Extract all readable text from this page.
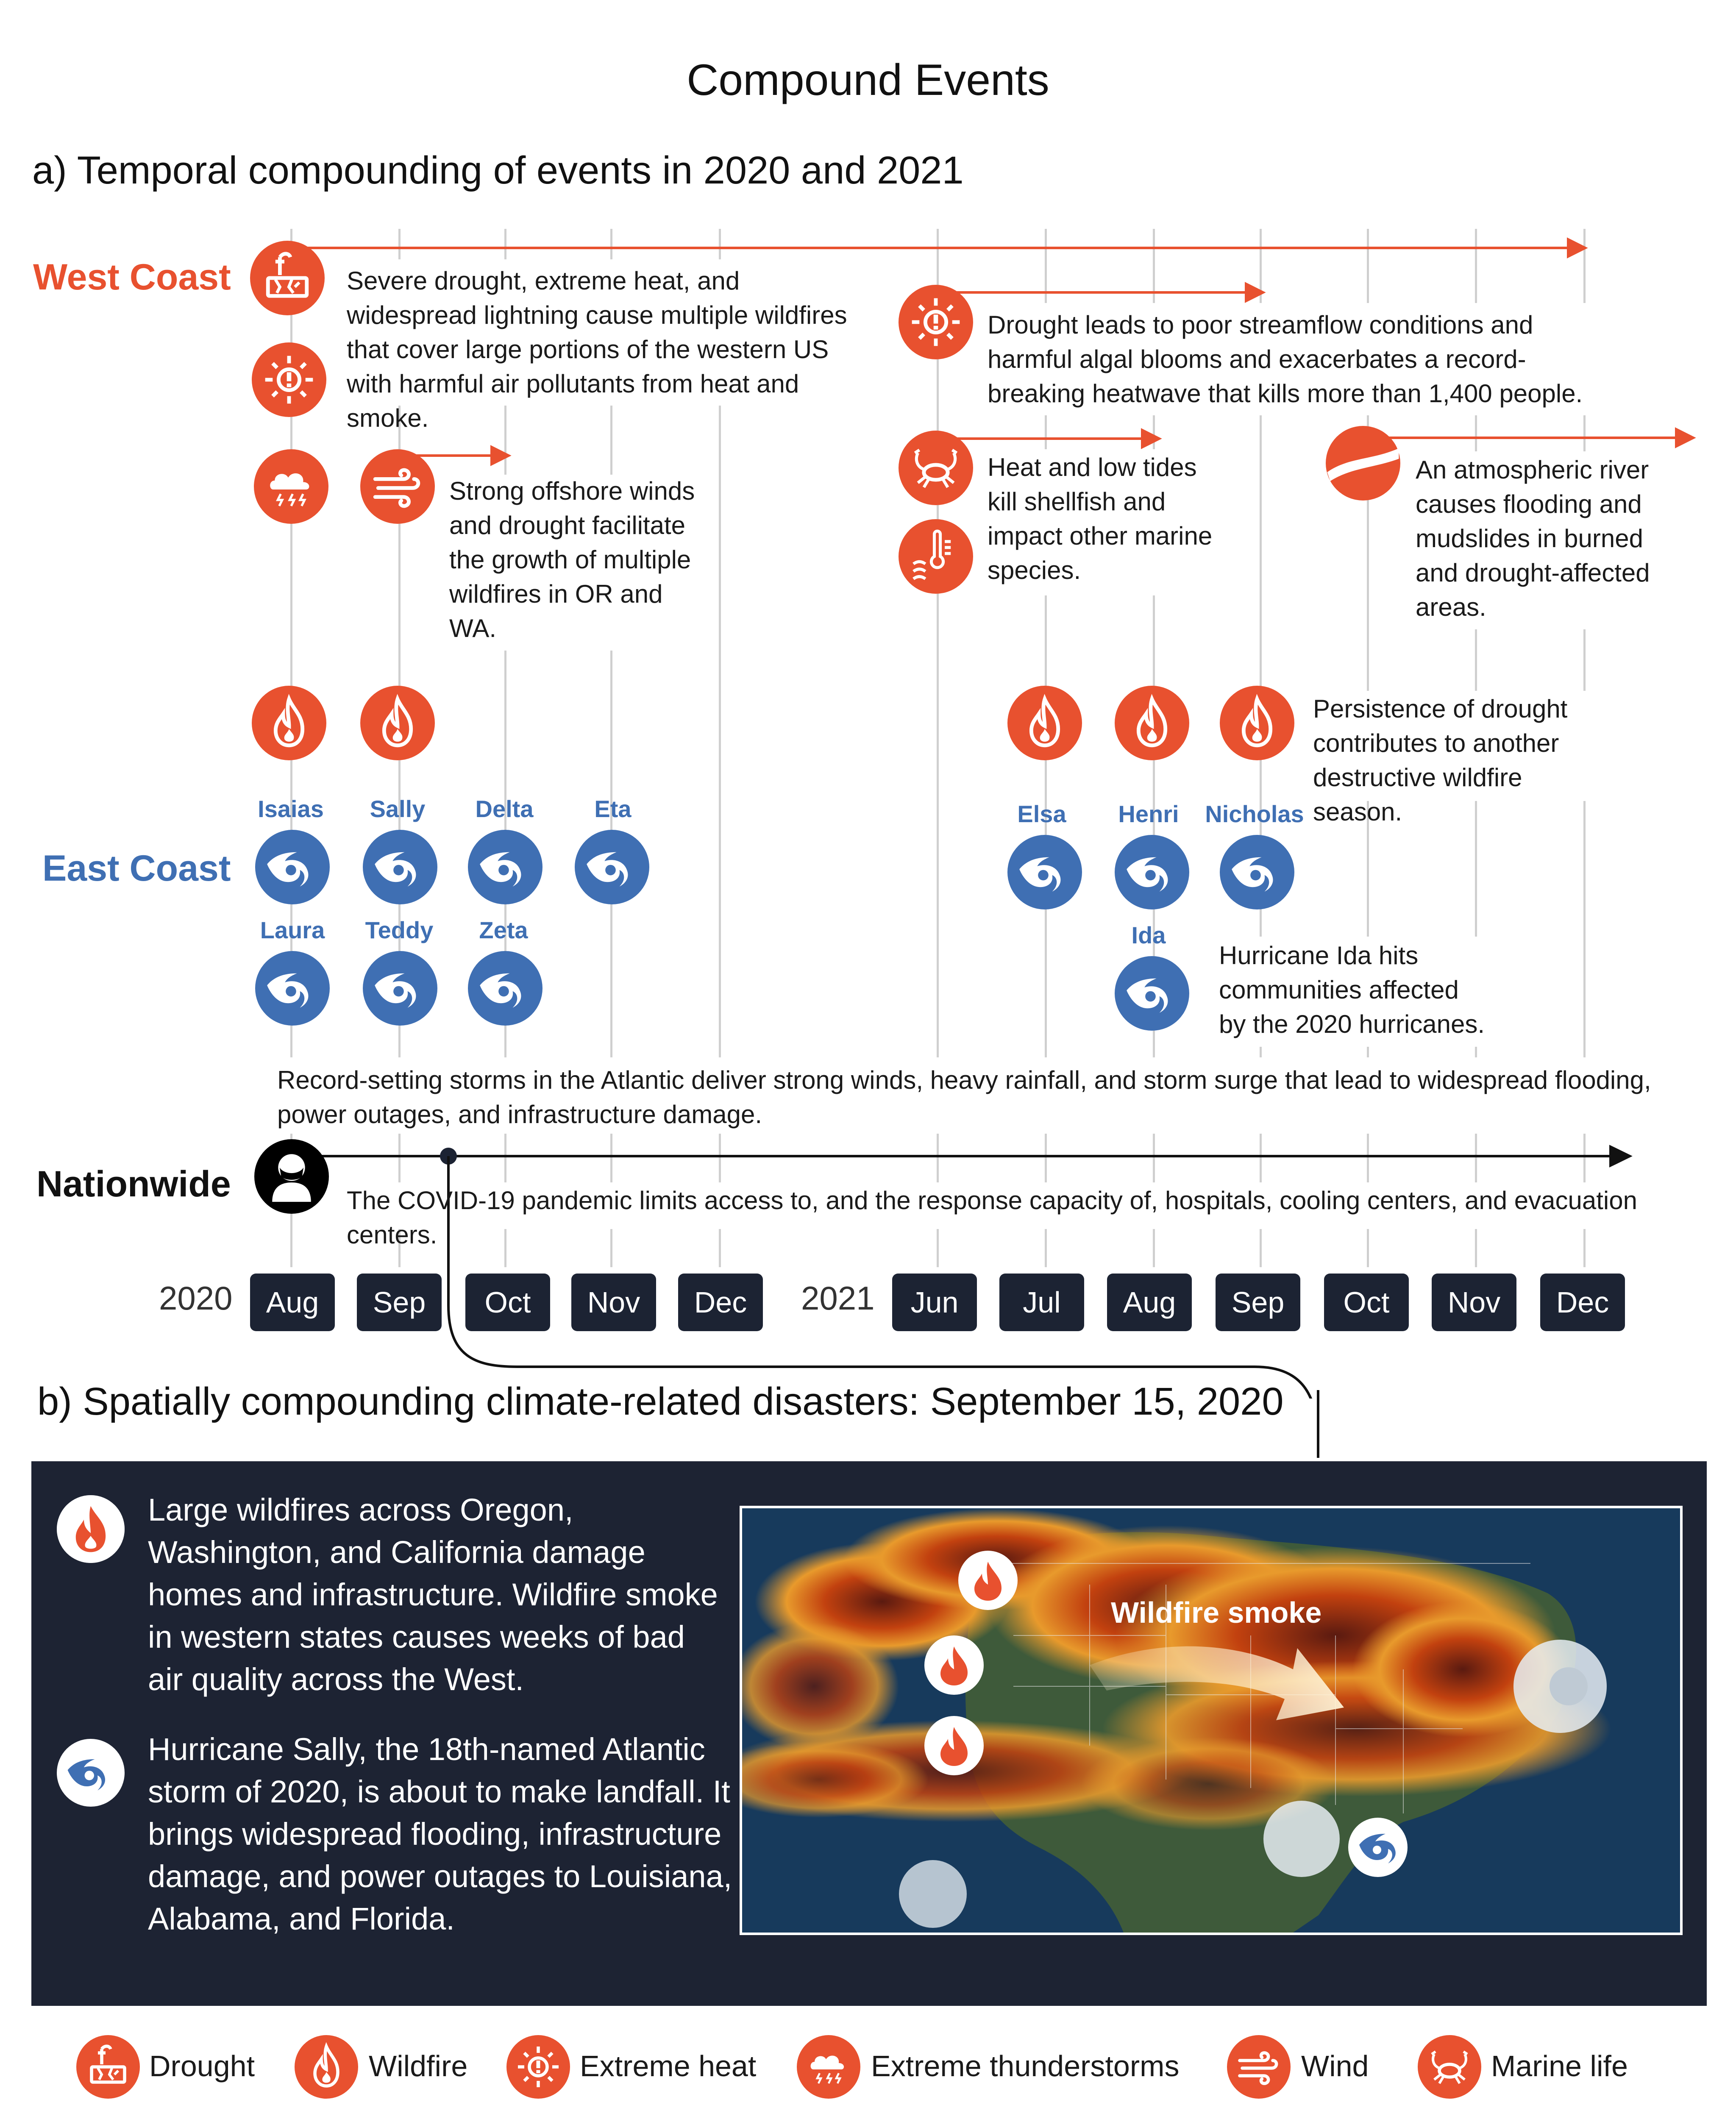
Compound Events
a) Temporal compounding of events in 2020 and 2021
West Coast
East Coast
Nationwide
Severe drought, extreme heat, and widespread lightning cause multiple wildfires that cover large portions of the western US with harmful air pollutants from heat and smoke.
Strong offshore winds and drought facilitate the growth of multiple wildfires in OR and WA.
Drought leads to poor streamflow conditions and harmful algal blooms and exacerbates a record-breaking heatwave that kills more than 1,400 people.
Heat and low tides kill shellfish and impact other marine species.
An atmospheric river causes flooding and mudslides in burned and drought-affected areas.
Persistence of drought contributes to another destructive wildfire season.
Isaias	Sally	Delta	Eta
Laura	Teddy	Zeta
Elsa	Henri	Nicholas
Ida
Hurricane Ida hits communities affected by the 2020 hurricanes.
Record-setting storms in the Atlantic deliver strong winds, heavy rainfall, and storm surge that lead to widespread flooding, power outages, and infrastructure damage.
The COVID-19 pandemic limits access to, and the response capacity of, hospitals, cooling centers, and evacuation centers.
2020	Aug	Sep	Oct	Nov	Dec	2021	Jun	Jul	Aug	Sep	Oct	Nov	Dec
b) Spatially compounding climate-related disasters: September 15, 2020
Large wildfires across Oregon, Washington, and California damage homes and infrastructure. Wildfire smoke in western states causes weeks of bad air quality across the West.
Hurricane Sally, the 18th-named Atlantic storm of 2020, is about to make landfall. It brings widespread flooding, infrastructure damage, and power outages to Louisiana, Alabama, and Florida.
Wildfire smoke
Drought	Wildfire	Extreme heat	Extreme thunderstorms	Wind	Marine life
